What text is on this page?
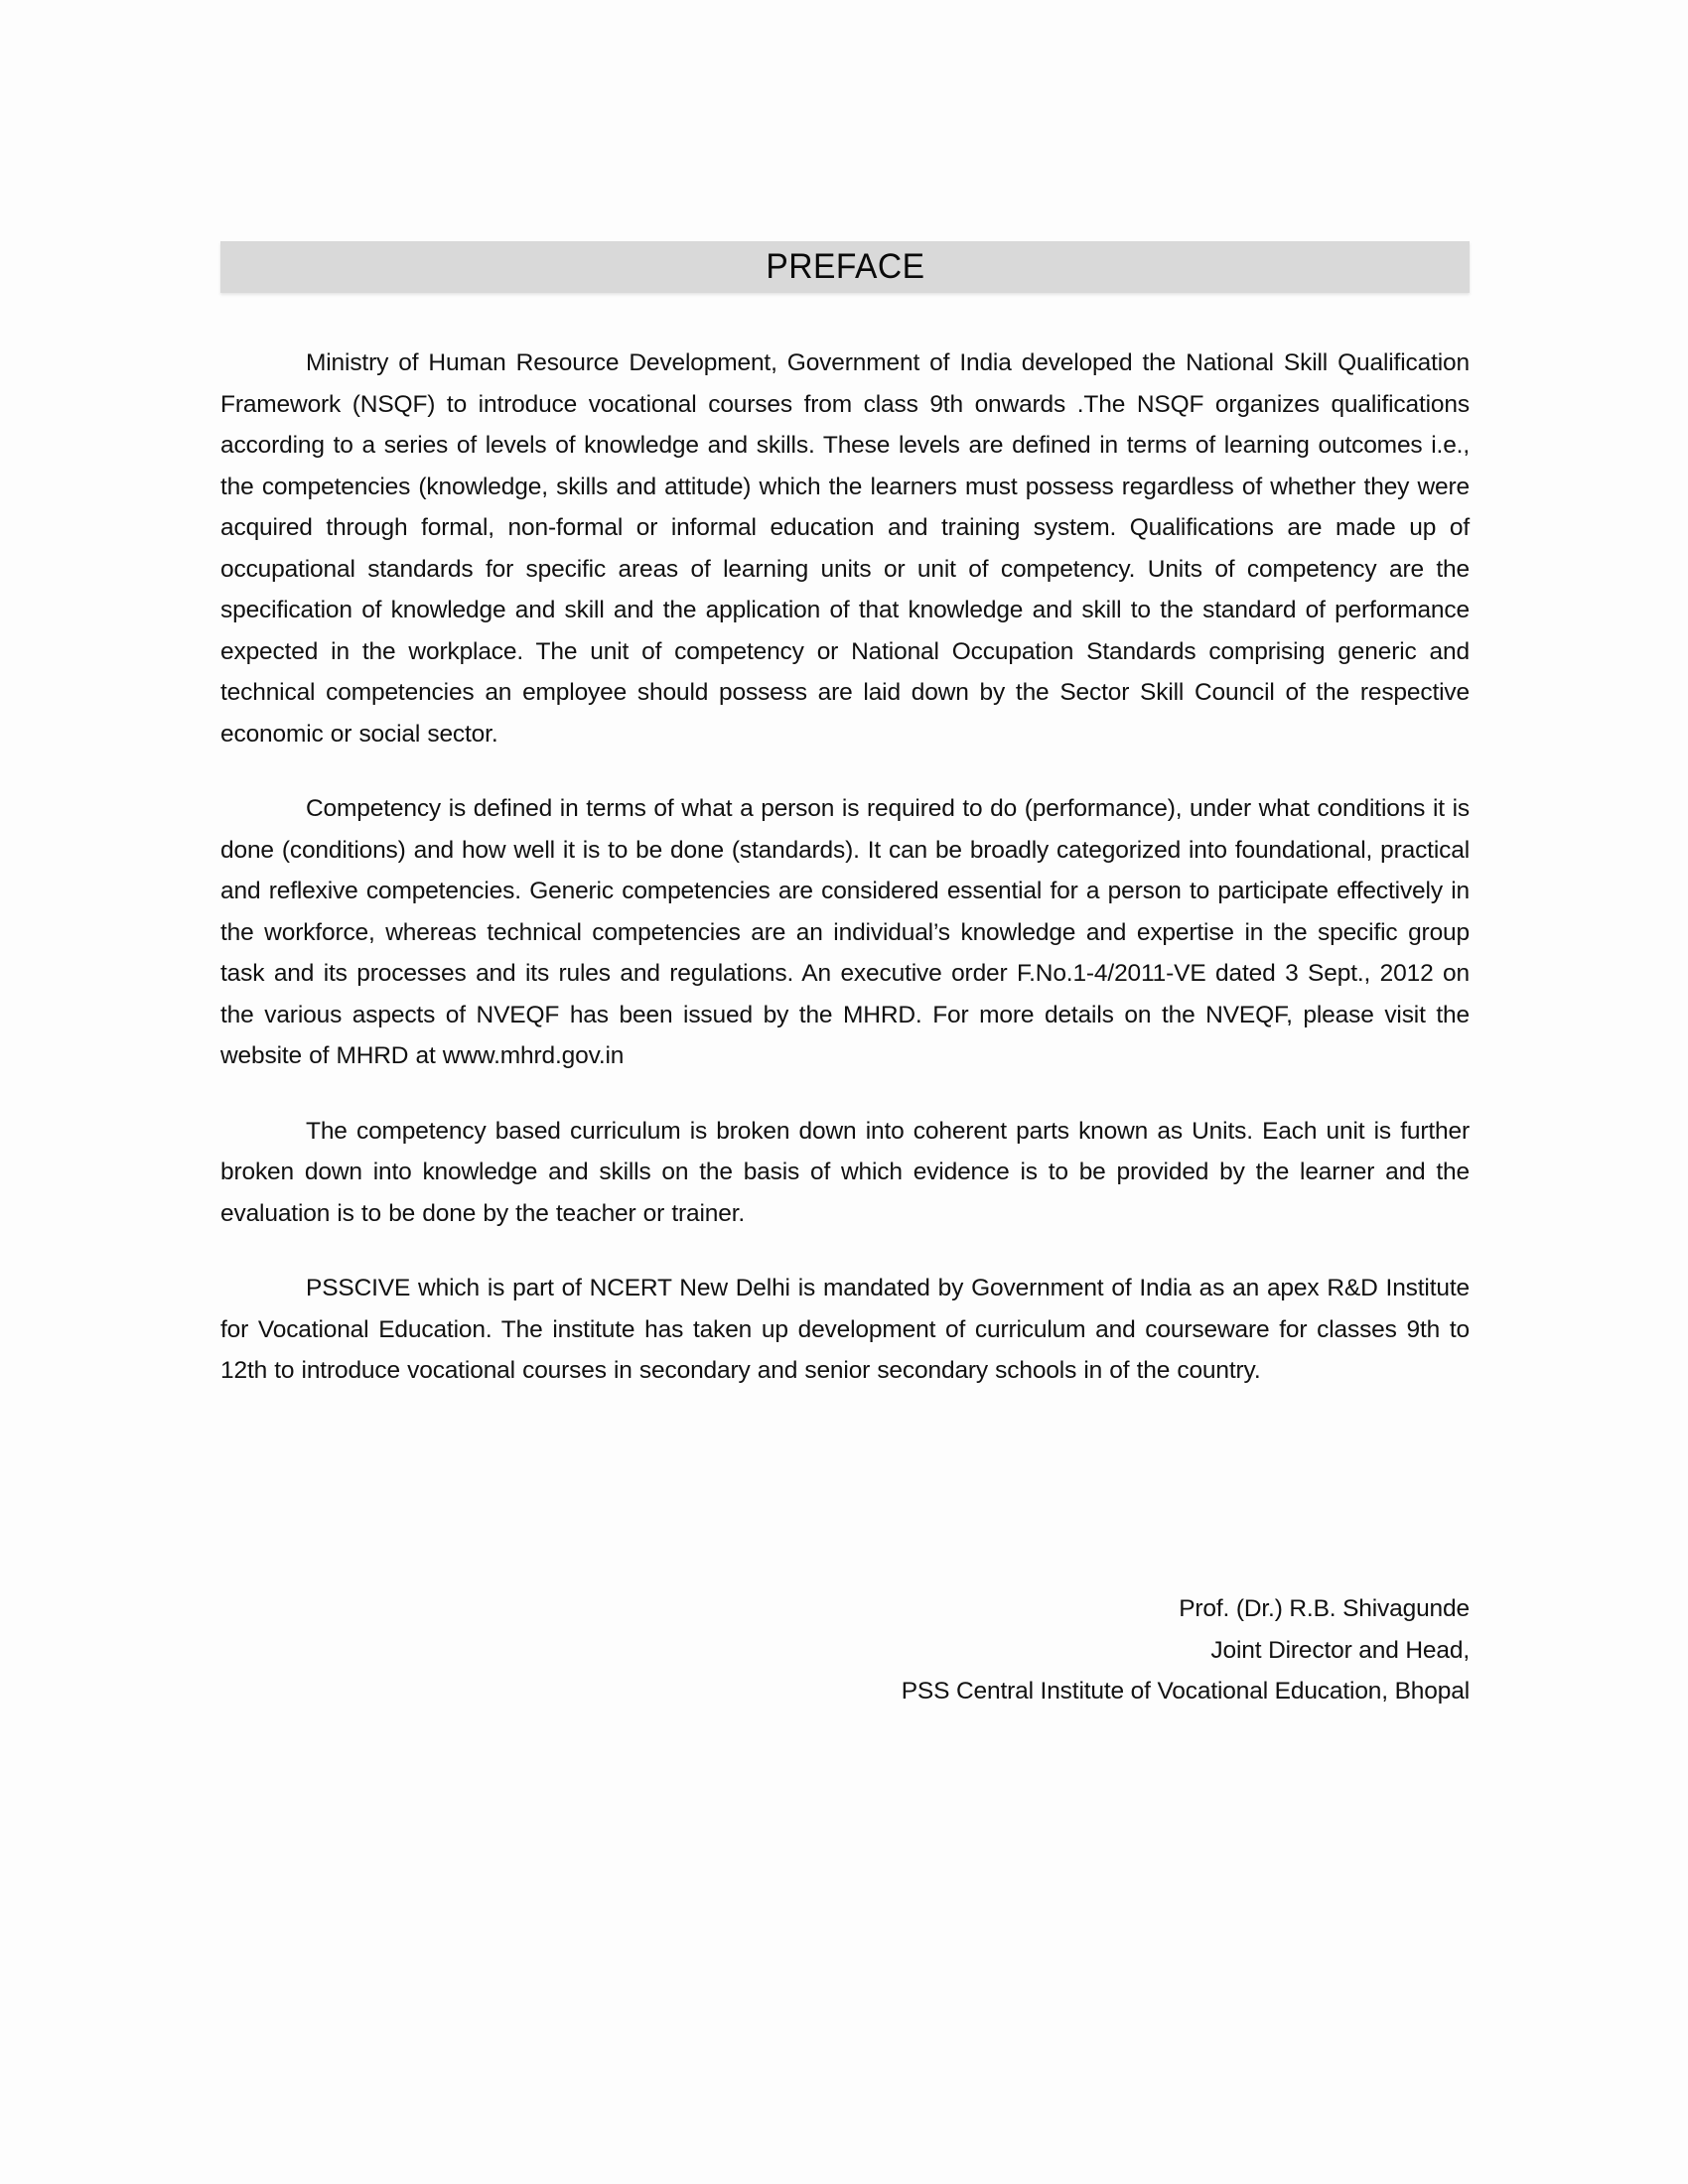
PREFACE

Ministry of Human Resource Development, Government of India developed the National Skill Qualification Framework (NSQF) to introduce vocational courses from class 9th onwards .The NSQF organizes qualifications according to a series of levels of knowledge and skills. These levels are defined in terms of learning outcomes i.e., the competencies (knowledge, skills and attitude) which the learners must possess regardless of whether they were acquired through formal, non-formal or informal education and training system. Qualifications are made up of occupational standards for specific areas of learning units or unit of competency. Units of competency are the specification of knowledge and skill and the application of that knowledge and skill to the standard of performance expected in the workplace. The unit of competency or National Occupation Standards comprising generic and technical competencies an employee should possess are laid down by the Sector Skill Council of the respective economic or social sector.

Competency is defined in terms of what a person is required to do (performance), under what conditions it is done (conditions) and how well it is to be done (standards). It can be broadly categorized into foundational, practical and reflexive competencies. Generic competencies are considered essential for a person to participate effectively in the workforce, whereas technical competencies are an individual’s knowledge and expertise in the specific group task and its processes and its rules and regulations. An executive order F.No.1-4/2011-VE dated 3 Sept., 2012 on the various aspects of NVEQF has been issued by the MHRD. For more details on the NVEQF, please visit the website of MHRD at www.mhrd.gov.in

The competency based curriculum is broken down into coherent parts known as Units. Each unit is further broken down into knowledge and skills on the basis of which evidence is to be provided by the learner and the evaluation is to be done by the teacher or trainer.

PSSCIVE which is part of NCERT New Delhi is mandated by Government of India as an apex R&D Institute for Vocational Education. The institute has taken up development of curriculum and courseware for classes 9th to 12th to introduce vocational courses in secondary and senior secondary schools in of the country.

Prof. (Dr.) R.B. Shivagunde
Joint Director and Head,
PSS Central Institute of Vocational Education, Bhopal
